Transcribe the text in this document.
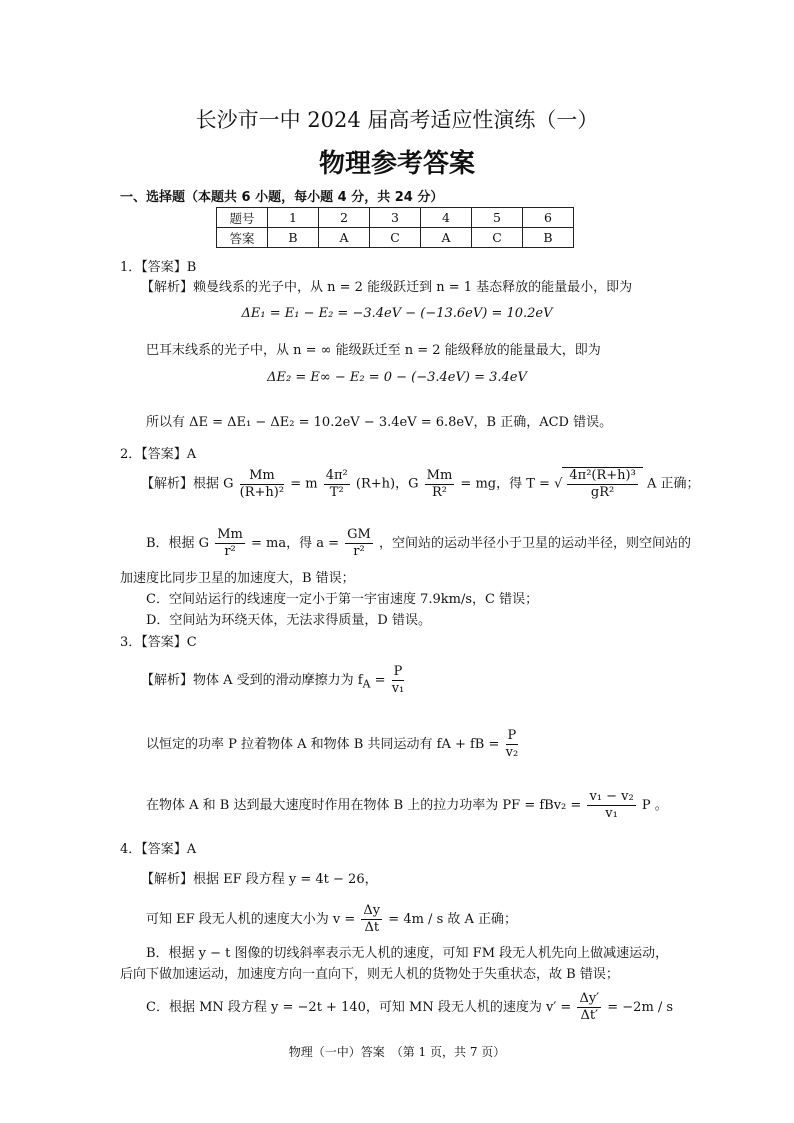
长沙市一中 2024 届高考适应性演练（一）
物理参考答案
一、选择题（本题共 6 小题，每小题 4 分，共 24 分）
题号	1	2	3	4	5	6
答案	B	A	C	A	C	B
1．【答案】B
【解析】赖曼线系的光子中，从 n = 2 能级跃迁到 n = 1 基态释放的能量最小，即为
ΔE₁ = E₁ − E₂ = −3.4eV − (−13.6eV) = 10.2eV
巴耳末线系的光子中，从 n = ∞ 能级跃迁至 n = 2 能级释放的能量最大，即为
ΔE₂ = E∞ − E₂ = 0 − (−3.4eV) = 3.4eV
所以有 ΔE = ΔE₁ − ΔE₂ = 10.2eV − 3.4eV = 6.8eV，B 正确，ACD 错误。
2．【答案】A
【解析】根据 G $\frac{Mm}{\text{(R+h)²}} = m \frac{\text{4π²}}{\text{T²}} (R+h)$，G $\frac{Mm}{\text{R²}}$ = mg，得 T = √ $\frac{\text{4π²(R+h)³}}{\text{gR²}}$ A 正确；
B．根据 G $\frac{Mm}{\text{r²}}$ = ma，得 $a = \frac{GM}{\text{r²}}$ ，空间站的运动半径小于卫星的运动半径，则空间站的
加速度比同步卫星的加速度大，B 错误；
C．空间站运行的线速度一定小于第一宇宙速度 7.9km/s，C 错误；
D．空间站为环绕天体，无法求得质量，D 错误。
3．【答案】C
【解析】物体 A 受到的滑动摩擦力为 $f_A = \frac{P}{\text{v₁}}$
以恒定的功率 P 拉着物体 A 和物体 B 共同运动有 fA + fB = $\frac{P}{\text{v₂}}$
在物体 A 和 B 达到最大速度时作用在物体 B 上的拉力功率为 PF = $fBv_2 = \frac{\text{v₁ − v₂}}{\text{v₁}}$ P 。
4．【答案】A
【解析】根据 EF 段方程 y = 4t − 26，
可知 EF 段无人机的速度大小为 $v = \frac{\Delta y}{\Delta t} = 4m / s$ 故 A 正确；
B．根据 y − t 图像的切线斜率表示无人机的速度，可知 FM 段无人机先向上做减速运动，
后向下做加速运动，加速度方向一直向下，则无人机的货物处于失重状态，故 B 错误；
C．根据 MN 段方程 y = −2t + 140，可知 MN 段无人机的速度为 $v' = \frac{\Delta y'}{\Delta t'} = -2m / s$
物理（一中）答案　（第 1 页，共 7 页）
